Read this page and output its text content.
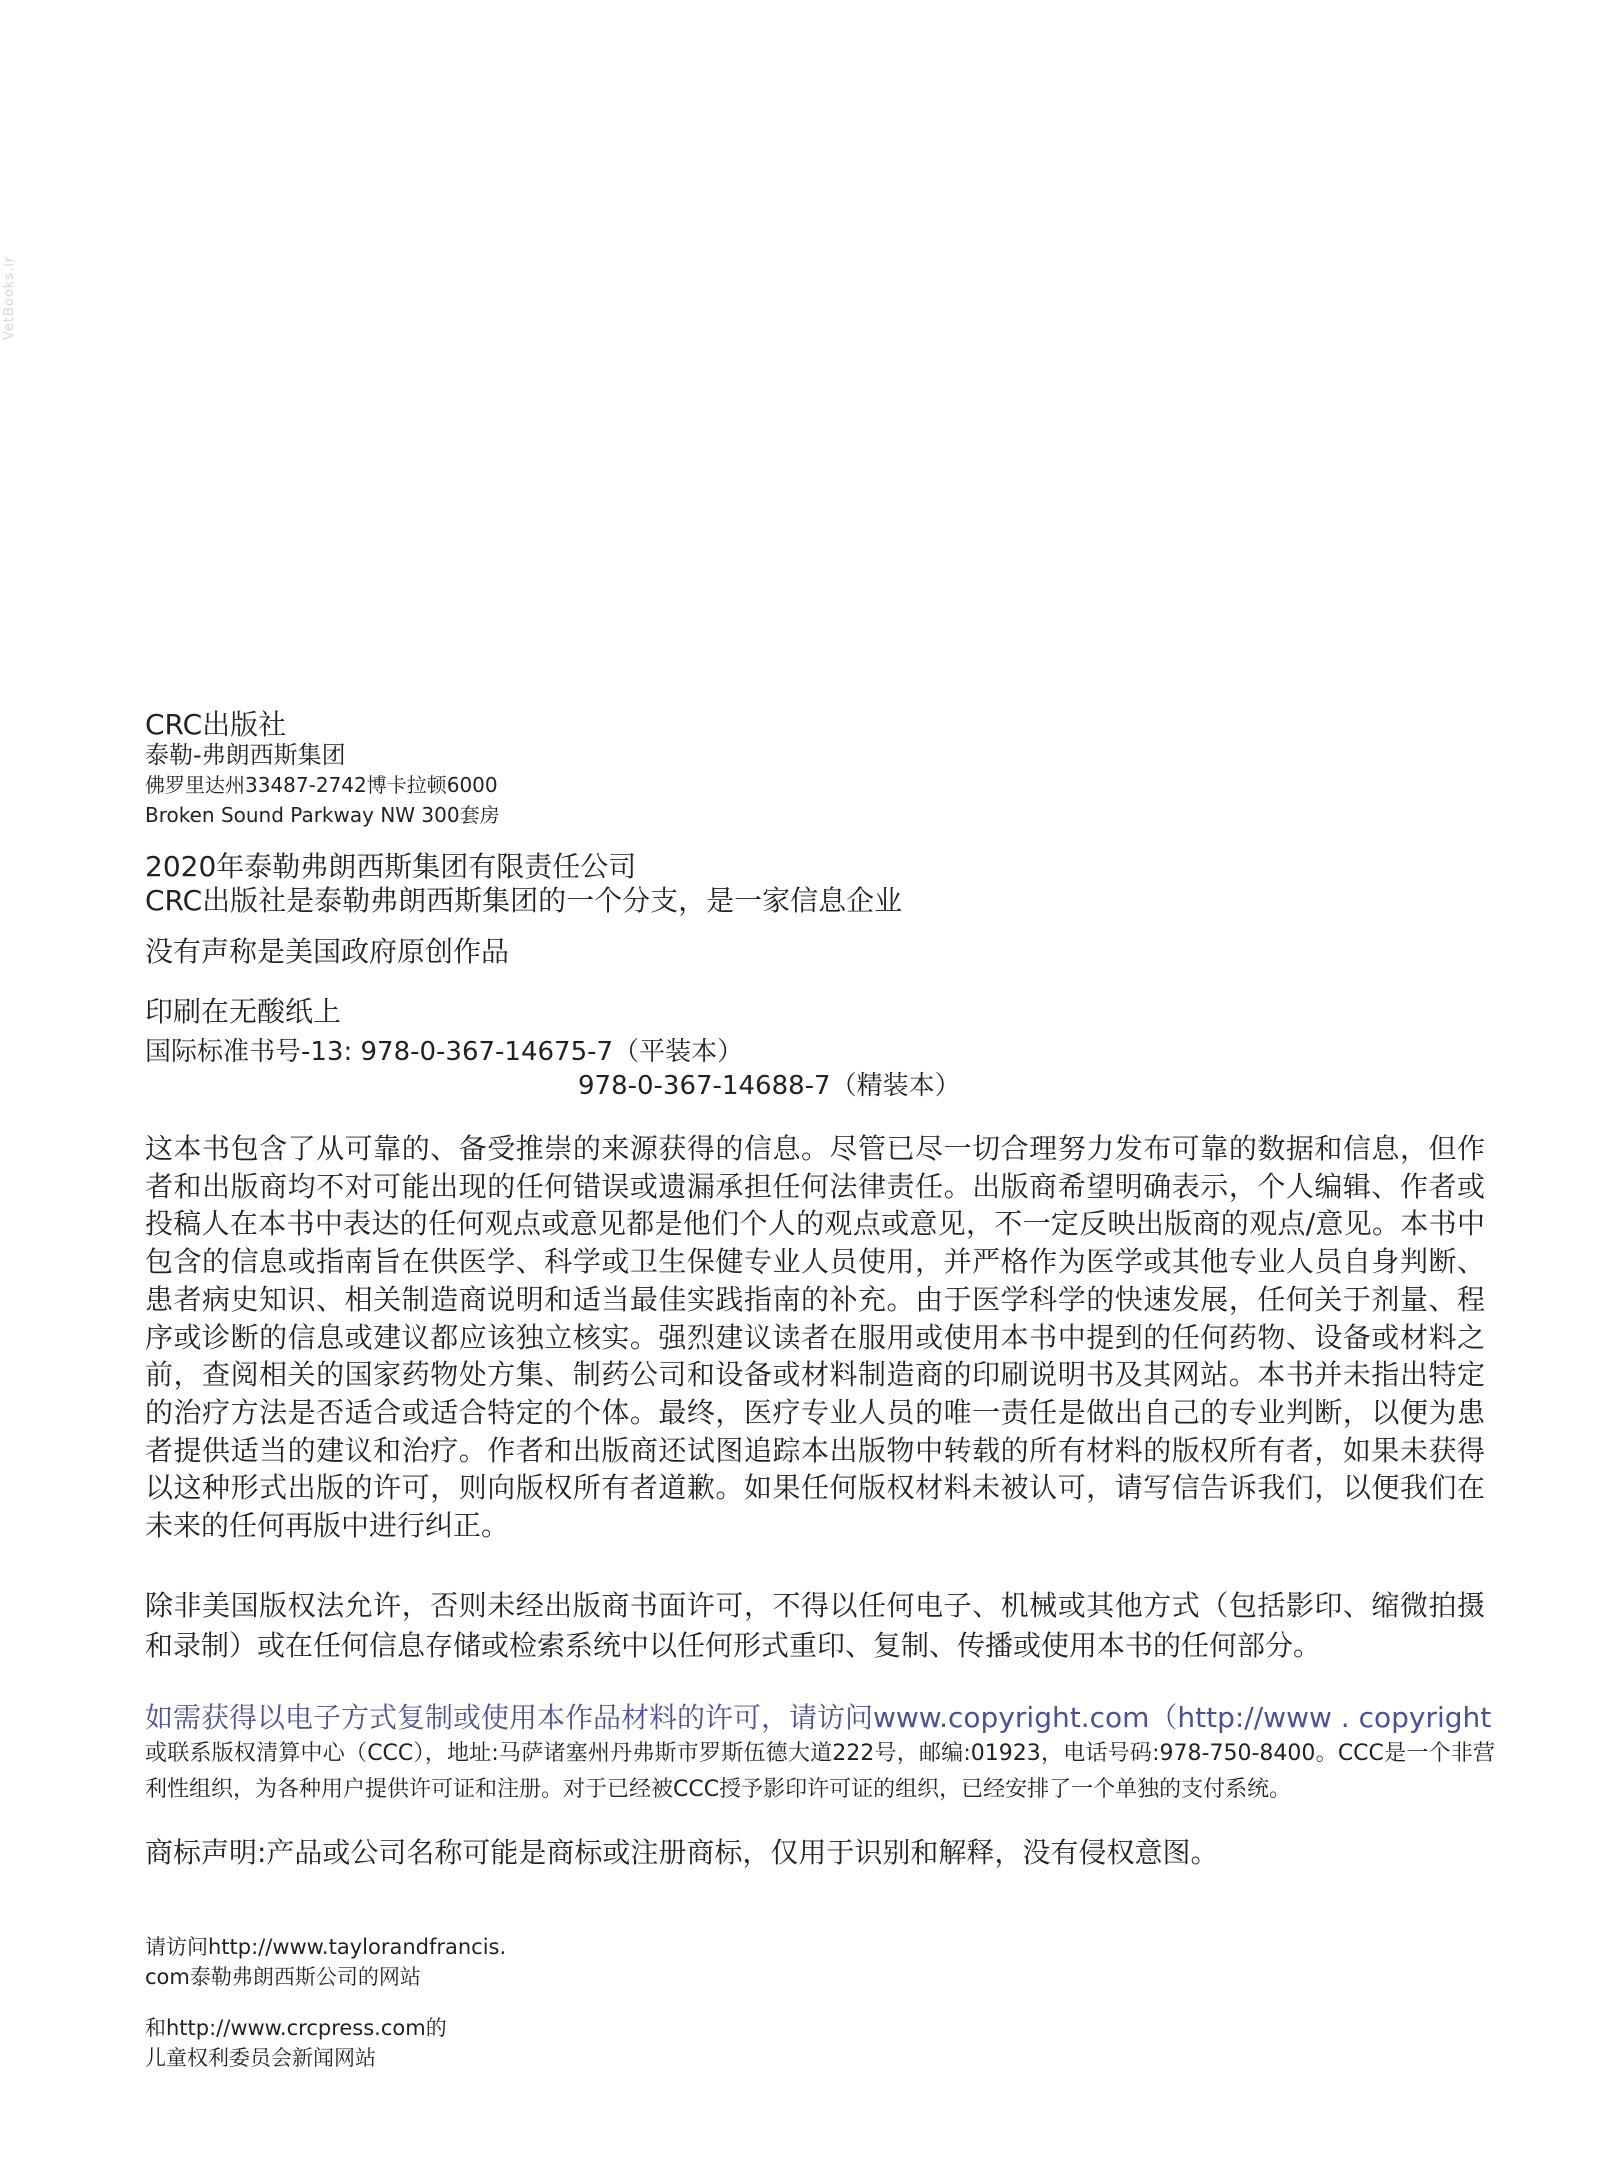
VetBooks.ir
CRC出版社
泰勒-弗朗西斯集团
佛罗里达州33487-2742博卡拉顿6000
Broken Sound Parkway NW 300套房
2020年泰勒弗朗西斯集团有限责任公司
CRC出版社是泰勒弗朗西斯集团的一个分支，是一家信息企业
没有声称是美国政府原创作品
印刷在无酸纸上
国际标准书号-13: 978-0-367-14675-7（平装本）
978-0-367-14688-7（精装本）
这本书包含了从可靠的、备受推崇的来源获得的信息。尽管已尽一切合理努力发布可靠的数据和信息，但作者和出版商均不对可能出现的任何错误或遗漏承担任何法律责任。出版商希望明确表示，个人编辑、作者或投稿人在本书中表达的任何观点或意见都是他们个人的观点或意见，不一定反映出版商的观点/意见。本书中包含的信息或指南旨在供医学、科学或卫生保健专业人员使用，并严格作为医学或其他专业人员自身判断、患者病史知识、相关制造商说明和适当最佳实践指南的补充。由于医学科学的快速发展，任何关于剂量、程序或诊断的信息或建议都应该独立核实。强烈建议读者在服用或使用本书中提到的任何药物、设备或材料之前，查阅相关的国家药物处方集、制药公司和设备或材料制造商的印刷说明书及其网站。本书并未指出特定的治疗方法是否适合或适合特定的个体。最终，医疗专业人员的唯一责任是做出自己的专业判断，以便为患者提供适当的建议和治疗。作者和出版商还试图追踪本出版物中转载的所有材料的版权所有者，如果未获得以这种形式出版的许可，则向版权所有者道歉。如果任何版权材料未被认可，请写信告诉我们，以便我们在未来的任何再版中进行纠正。
除非美国版权法允许，否则未经出版商书面许可，不得以任何电子、机械或其他方式（包括影印、缩微拍摄和录制）或在任何信息存储或检索系统中以任何形式重印、复制、传播或使用本书的任何部分。
如需获得以电子方式复制或使用本作品材料的许可，请访问www.copyright.com（http://www . copyright
或联系版权清算中心（CCC），地址:马萨诸塞州丹弗斯市罗斯伍德大道222号，邮编:01923，电话号码:978-750-8400。CCC是一个非营利性组织，为各种用户提供许可证和注册。对于已经被CCC授予影印许可证的组织，已经安排了一个单独的支付系统。
商标声明:产品或公司名称可能是商标或注册商标，仅用于识别和解释，没有侵权意图。
请访问http://www.taylorandfrancis.
com泰勒弗朗西斯公司的网站
和http://www.crcpress.com的
儿童权利委员会新闻网站
